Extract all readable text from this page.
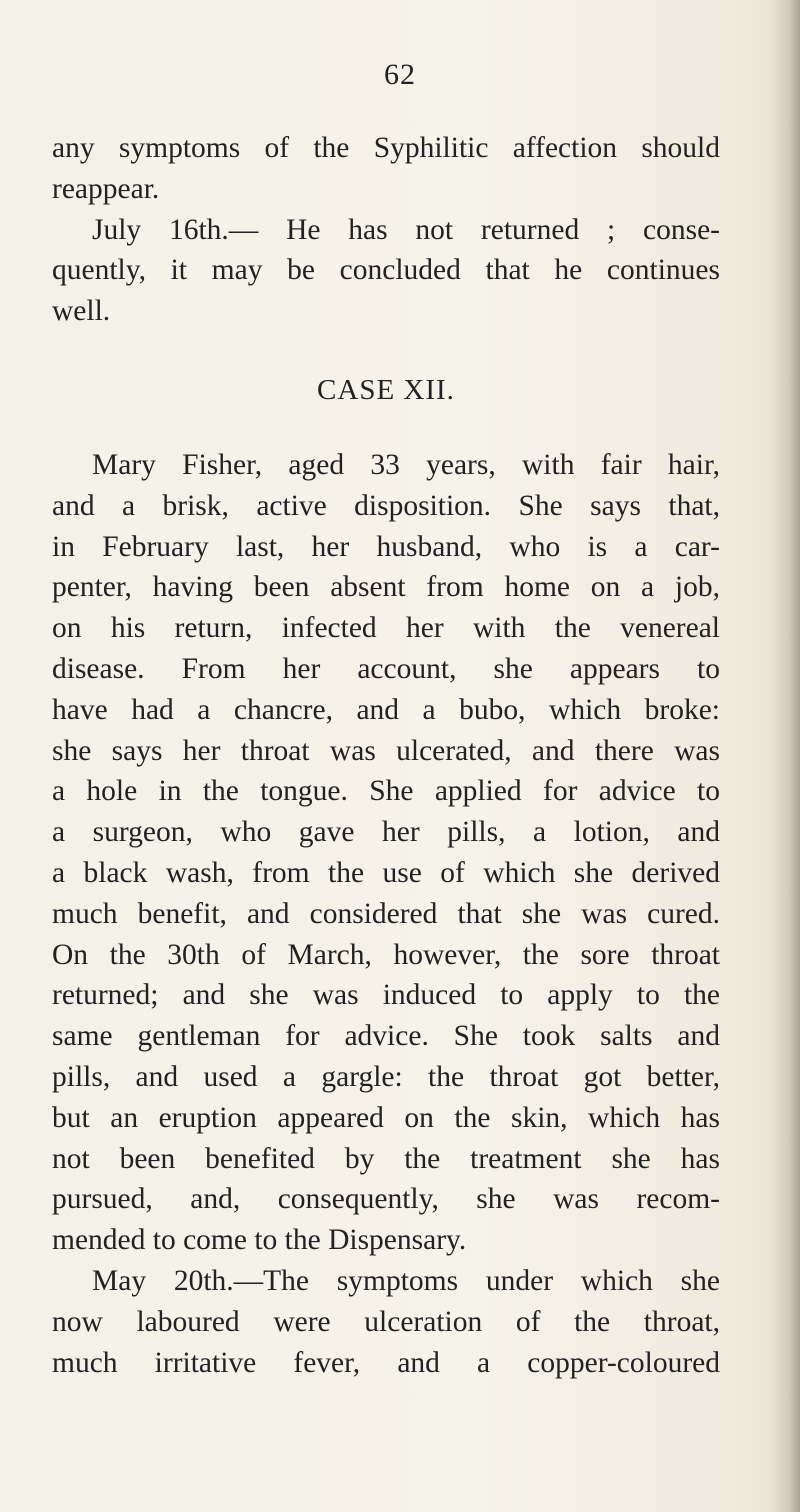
62
any symptoms of the Syphilitic affection should
reappear.
July 16th.— He has not returned ; conse-
quently, it may be concluded that he continues
well.
CASE XII.
Mary Fisher, aged 33 years, with fair hair,
and a brisk, active disposition. She says that,
in February last, her husband, who is a car-
penter, having been absent from home on a job,
on his return, infected her with the venereal
disease. From her account, she appears to
have had a chancre, and a bubo, which broke:
she says her throat was ulcerated, and there was
a hole in the tongue. She applied for advice to
a surgeon, who gave her pills, a lotion, and
a black wash, from the use of which she derived
much benefit, and considered that she was cured.
On the 30th of March, however, the sore throat
returned; and she was induced to apply to the
same gentleman for advice. She took salts and
pills, and used a gargle: the throat got better,
but an eruption appeared on the skin, which has
not been benefited by the treatment she has
pursued, and, consequently, she was recom-
mended to come to the Dispensary.
May 20th.—The symptoms under which she
now laboured were ulceration of the throat,
much irritative fever, and a copper-coloured
